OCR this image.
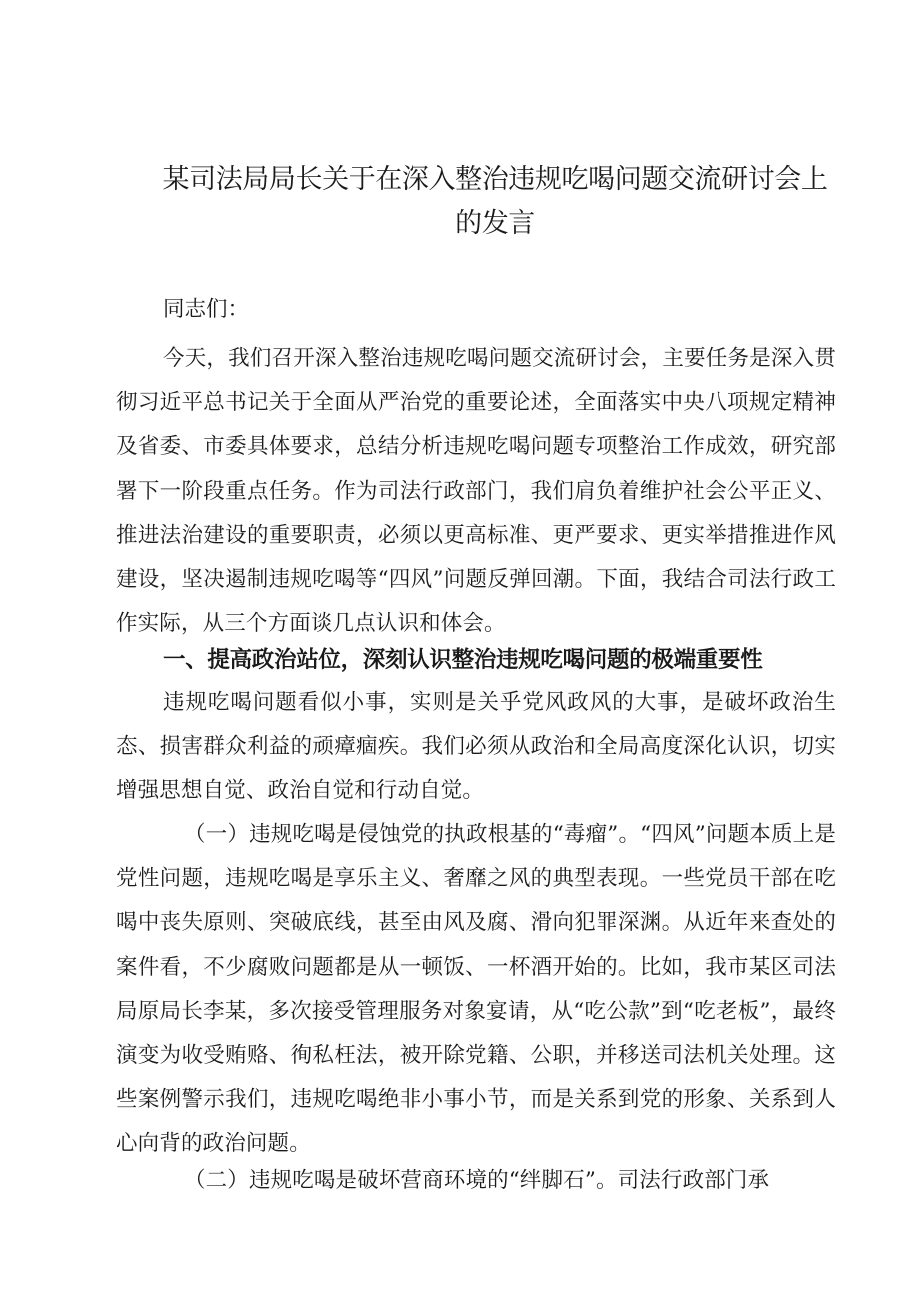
某司法局局长关于在深入整治违规吃喝问题交流研讨会上的发言

同志们：

今天，我们召开深入整治违规吃喝问题交流研讨会，主要任务是深入贯彻习近平总书记关于全面从严治党的重要论述，全面落实中央八项规定精神及省委、市委具体要求，总结分析违规吃喝问题专项整治工作成效，研究部署下一阶段重点任务。作为司法行政部门，我们肩负着维护社会公平正义、推进法治建设的重要职责，必须以更高标准、更严要求、更实举措推进作风建设，坚决遏制违规吃喝等“四风”问题反弹回潮。下面，我结合司法行政工作实际，从三个方面谈几点认识和体会。

一、提高政治站位，深刻认识整治违规吃喝问题的极端重要性

违规吃喝问题看似小事，实则是关乎党风政风的大事，是破坏政治生态、损害群众利益的顽瘴痼疾。我们必须从政治和全局高度深化认识，切实增强思想自觉、政治自觉和行动自觉。

（一）违规吃喝是侵蚀党的执政根基的“毒瘤”。“四风”问题本质上是党性问题，违规吃喝是享乐主义、奢靡之风的典型表现。一些党员干部在吃喝中丧失原则、突破底线，甚至由风及腐、滑向犯罪深渊。从近年来查处的案件看，不少腐败问题都是从一顿饭、一杯酒开始的。比如，我市某区司法局原局长李某，多次接受管理服务对象宴请，从“吃公款”到“吃老板”，最终演变为收受贿赂、徇私枉法，被开除党籍、公职，并移送司法机关处理。这些案例警示我们，违规吃喝绝非小事小节，而是关系到党的形象、关系到人心向背的政治问题。

（二）违规吃喝是破坏营商环境的“绊脚石”。司法行政部门承
